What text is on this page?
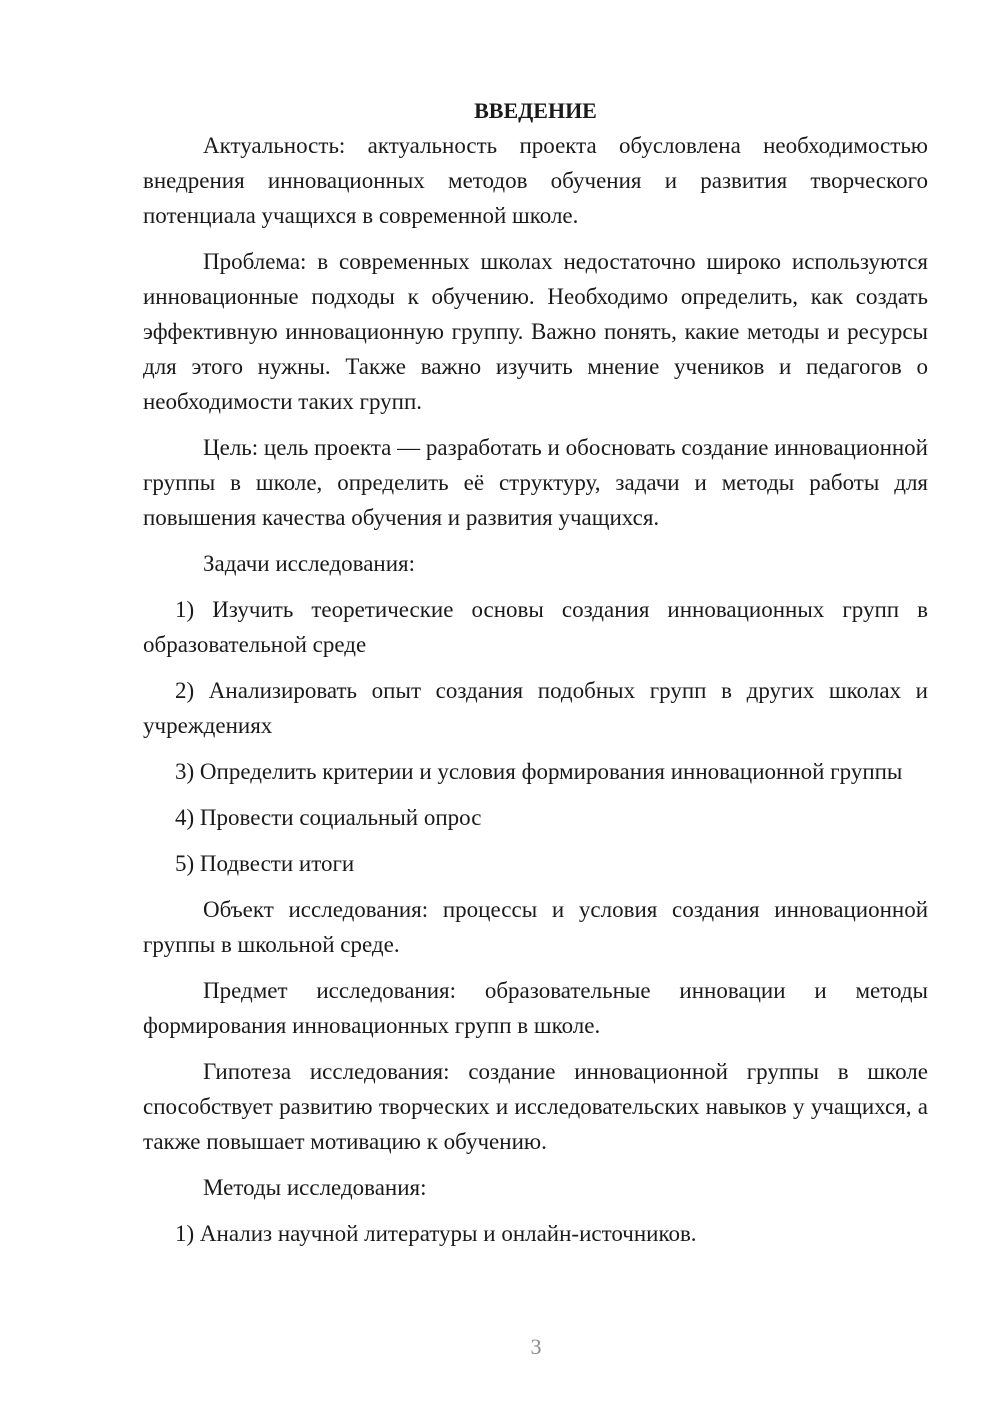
ВВЕДЕНИЕ

Актуальность: актуальность проекта обусловлена необходимостью внедрения инновационных методов обучения и развития творческого потенциала учащихся в современной школе.

Проблема: в современных школах недостаточно широко используются инновационные подходы к обучению. Необходимо определить, как создать эффективную инновационную группу. Важно понять, какие методы и ресурсы для этого нужны. Также важно изучить мнение учеников и педагогов о необходимости таких групп.

Цель: цель проекта — разработать и обосновать создание инновационной группы в школе, определить её структуру, задачи и методы работы для повышения качества обучения и развития учащихся.

Задачи исследования:

1) Изучить теоретические основы создания инновационных групп в образовательной среде

2) Анализировать опыт создания подобных групп в других школах и учреждениях

3) Определить критерии и условия формирования инновационной группы

4) Провести социальный опрос

5) Подвести итоги

Объект исследования: процессы и условия создания инновационной группы в школьной среде.

Предмет исследования: образовательные инновации и методы формирования инновационных групп в школе.

Гипотеза исследования: создание инновационной группы в школе способствует развитию творческих и исследовательских навыков у учащихся, а также повышает мотивацию к обучению.

Методы исследования:

1) Анализ научной литературы и онлайн-источников.

3
